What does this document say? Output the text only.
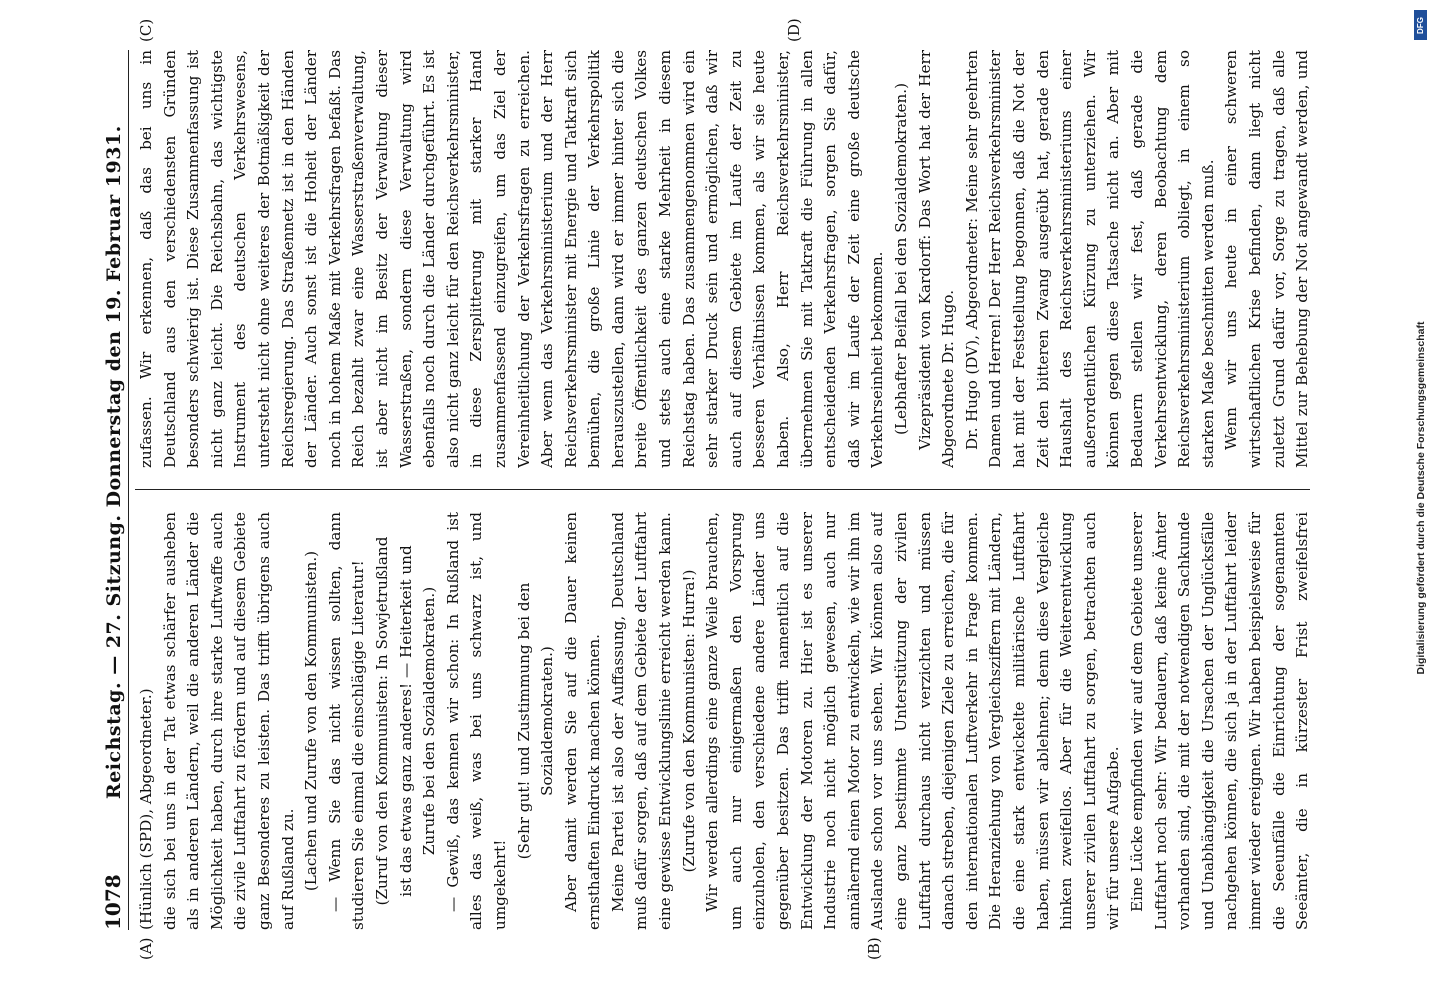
1078
Reichstag. — 27. Sitzung. Donnerstag den 19. Februar 1931.
(A)	(B)
(C)	(D)

(Hünlich (SPD), Abgeordneter.) die sich bei uns in der Tat etwas schärfer ausheben als in anderen Ländern, weil die anderen Länder die Möglichkeit haben, durch ihre starke Luftwaffe auch die zivile Luftfahrt zu fördern und auf diesem Gebiete ganz Besonderes zu leisten. Das trifft übrigens auch auf Rußland zu. (Lachen und Zurufe von den Kommunisten.) — Wenn Sie das nicht wissen sollten, dann studieren Sie einmal die einschlägige Literatur! (Zuruf von den Kommunisten: In Sowjetrußland ist das etwas ganz anderes! — Heiterkeit und Zurufe bei den Sozialdemokraten.) — Gewiß, das kennen wir schon: In Rußland ist alles das weiß, was bei uns schwarz ist, und umgekehrt!

(Sehr gut! und Zustimmung bei den Sozialdemokraten.) Aber damit werden Sie auf die Dauer keinen ernsthaften Eindruck machen können. Meine Partei ist also der Auffassung, Deutschland muß dafür sorgen, daß auf dem Gebiete der Luftfahrt eine gewisse Entwicklungslinie erreicht werden kann. (Zurufe von den Kommunisten: Hurra!) Wir werden allerdings eine ganze Weile brauchen, um auch nur einigermaßen den Vorsprung einzuholen, den verschiedene andere Länder uns gegenüber besitzen. Das trifft namentlich auf die Entwicklung der Motoren zu. Hier ist es unserer Industrie noch nicht möglich gewesen, auch nur annähernd einen Motor zu entwickeln, wie wir ihn im Auslande schon vor uns sehen. Wir können also auf eine ganz bestimmte Unterstützung der zivilen Luftfahrt durchaus nicht verzichten und müssen danach streben, diejenigen Ziele zu erreichen, die für den internationalen Luftverkehr in Frage kommen. Die Heranziehung von Vergleichsziffern mit Ländern, die eine stark entwickelte militärische Luftfahrt haben, müssen wir ablehnen; denn diese Vergleiche hinken zweifellos. Aber für die Weiterentwicklung unserer zivilen Luftfahrt zu sorgen, betrachten auch wir für unsere Aufgabe. Eine Lücke empfinden wir auf dem Gebiete unserer Luftfahrt noch sehr: Wir bedauern, daß keine Ämter vorhanden sind, die mit der notwendigen Sachkunde und Unabhängigkeit die Ursachen der Unglücksfälle nachgehen können, die sich ja in der Luftfahrt leider immer wieder ereignen. Wir haben beispielsweise für die Seeunfälle die Einrichtung der sogenannten Seeämter, die in kürzester Frist zweifelsfrei

zufassen. Wir erkennen, daß das bei uns in Deutschland aus den verschiedensten Gründen besonders schwierig ist. Diese Zusammenfassung ist nicht ganz leicht. Die Reichsbahn, das wichtigste Instrument des deutschen Verkehrswesens, untersteht nicht ohne weiteres der Botmäßigkeit der Reichsregierung. Das Straßennetz ist in den Händen der Länder. Auch sonst ist die Hoheit der Länder noch in hohem Maße mit Verkehrsfragen befaßt. Das Reich bezahlt zwar eine Wasserstraßenverwaltung, ist aber nicht im Besitz der Verwaltung dieser Wasserstraßen, sondern diese Verwaltung wird ebenfalls noch durch die Länder durchgeführt. Es ist also nicht ganz leicht für den Reichsverkehrsminister, in diese Zersplitterung mit starker Hand zusammenfassend einzugreifen, um das Ziel der Vereinheitlichung der Verkehrsfragen zu erreichen. Aber wenn das Verkehrsministerium und der Herr Reichsverkehrsminister mit Energie und Tatkraft sich bemühen, die große Linie der Verkehrspolitik herauszustellen, dann wird er immer hinter sich die breite Öffentlichkeit des ganzen deutschen Volkes und stets auch eine starke Mehrheit in diesem Reichstag haben. Das zusammengenommen wird ein sehr starker Druck sein und ermöglichen, daß wir auch auf diesem Gebiete im Laufe der Zeit zu besseren Verhältnissen kommen, als wir sie heute haben. Also, Herr Reichsverkehrsminister, übernehmen Sie mit Tatkraft die Führung in allen entscheidenden Verkehrsfragen, sorgen Sie dafür, daß wir im Laufe der Zeit eine große deutsche Verkehrseinheit bekommen. (Lebhafter Beifall bei den Sozialdemokraten.) Vizepräsident von Kardorff: Das Wort hat der Herr Abgeordnete Dr. Hugo. Dr. Hugo (DV), Abgeordneter: Meine sehr geehrten Damen und Herren! Der Herr Reichsverkehrsminister hat mit der Feststellung begonnen, daß die Not der Zeit den bitteren Zwang ausgeübt hat, gerade den Haushalt des Reichsverkehrsministeriums einer außerordentlichen Kürzung zu unterziehen. Wir können gegen diese Tatsache nicht an. Aber mit Bedauern stellen wir fest, daß gerade die Verkehrsentwicklung, deren Beobachtung dem Reichsverkehrsministerium obliegt, in einem so starken Maße beschnitten werden muß. Wenn wir uns heute in einer schweren wirtschaftlichen Krise befinden, dann liegt nicht zuletzt Grund dafür vor, Sorge zu tragen, daß alle Mittel zur Behebung der Not angewandt werden, und

Digitalisierung gefördert durch die Deutsche Forschungsgemeinschaft
DFG
